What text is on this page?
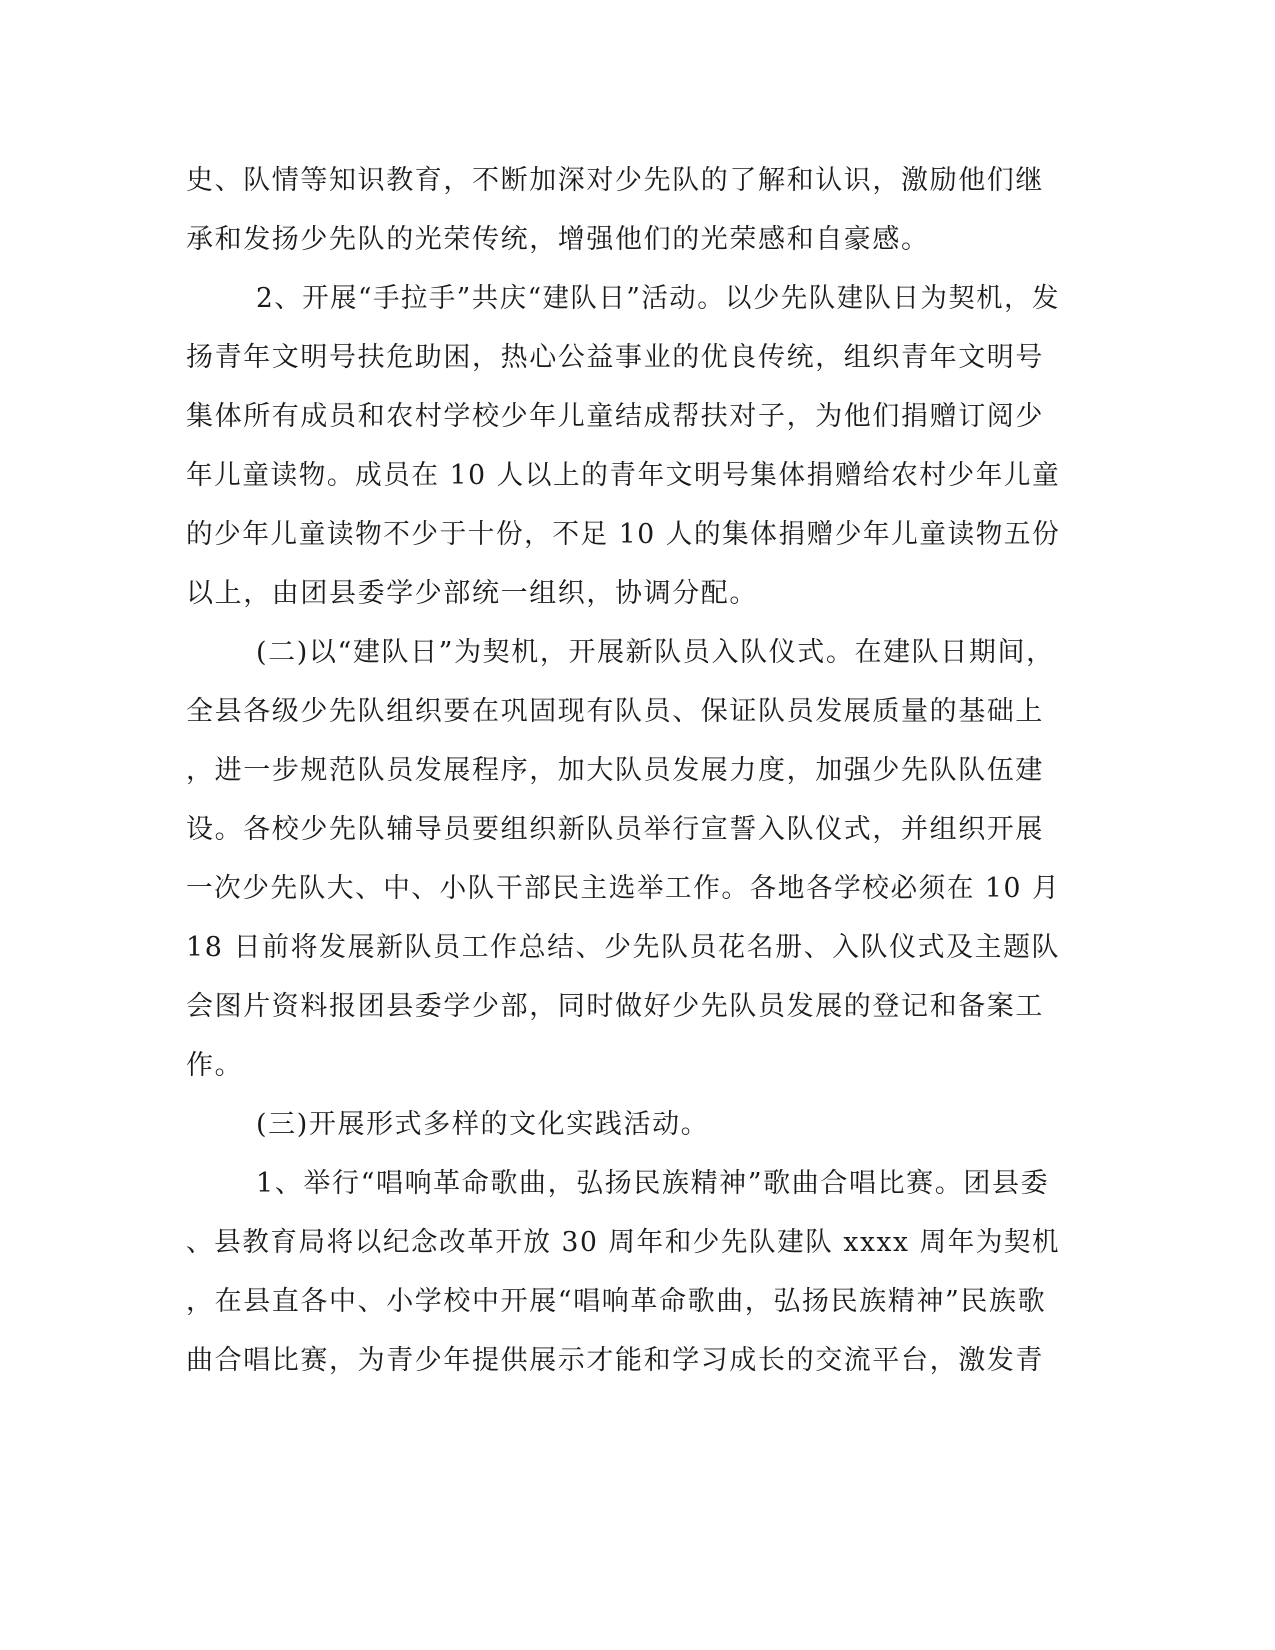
史、队情等知识教育，不断加深对少先队的了解和认识，激励他们继
承和发扬少先队的光荣传统，增强他们的光荣感和自豪感。
2、开展“手拉手”共庆“建队日”活动。以少先队建队日为契机，发
扬青年文明号扶危助困，热心公益事业的优良传统，组织青年文明号
集体所有成员和农村学校少年儿童结成帮扶对子，为他们捐赠订阅少
年儿童读物。成员在 10 人以上的青年文明号集体捐赠给农村少年儿童
的少年儿童读物不少于十份，不足 10 人的集体捐赠少年儿童读物五份
以上，由团县委学少部统一组织，协调分配。
(二)以“建队日”为契机，开展新队员入队仪式。在建队日期间，
全县各级少先队组织要在巩固现有队员、保证队员发展质量的基础上
，进一步规范队员发展程序，加大队员发展力度，加强少先队队伍建
设。各校少先队辅导员要组织新队员举行宣誓入队仪式，并组织开展
一次少先队大、中、小队干部民主选举工作。各地各学校必须在 10 月
18 日前将发展新队员工作总结、少先队员花名册、入队仪式及主题队
会图片资料报团县委学少部，同时做好少先队员发展的登记和备案工
作。
(三)开展形式多样的文化实践活动。
1、举行“唱响革命歌曲，弘扬民族精神”歌曲合唱比赛。团县委
、县教育局将以纪念改革开放 30 周年和少先队建队 xxxx 周年为契机
，在县直各中、小学校中开展“唱响革命歌曲，弘扬民族精神”民族歌
曲合唱比赛，为青少年提供展示才能和学习成长的交流平台，激发青
